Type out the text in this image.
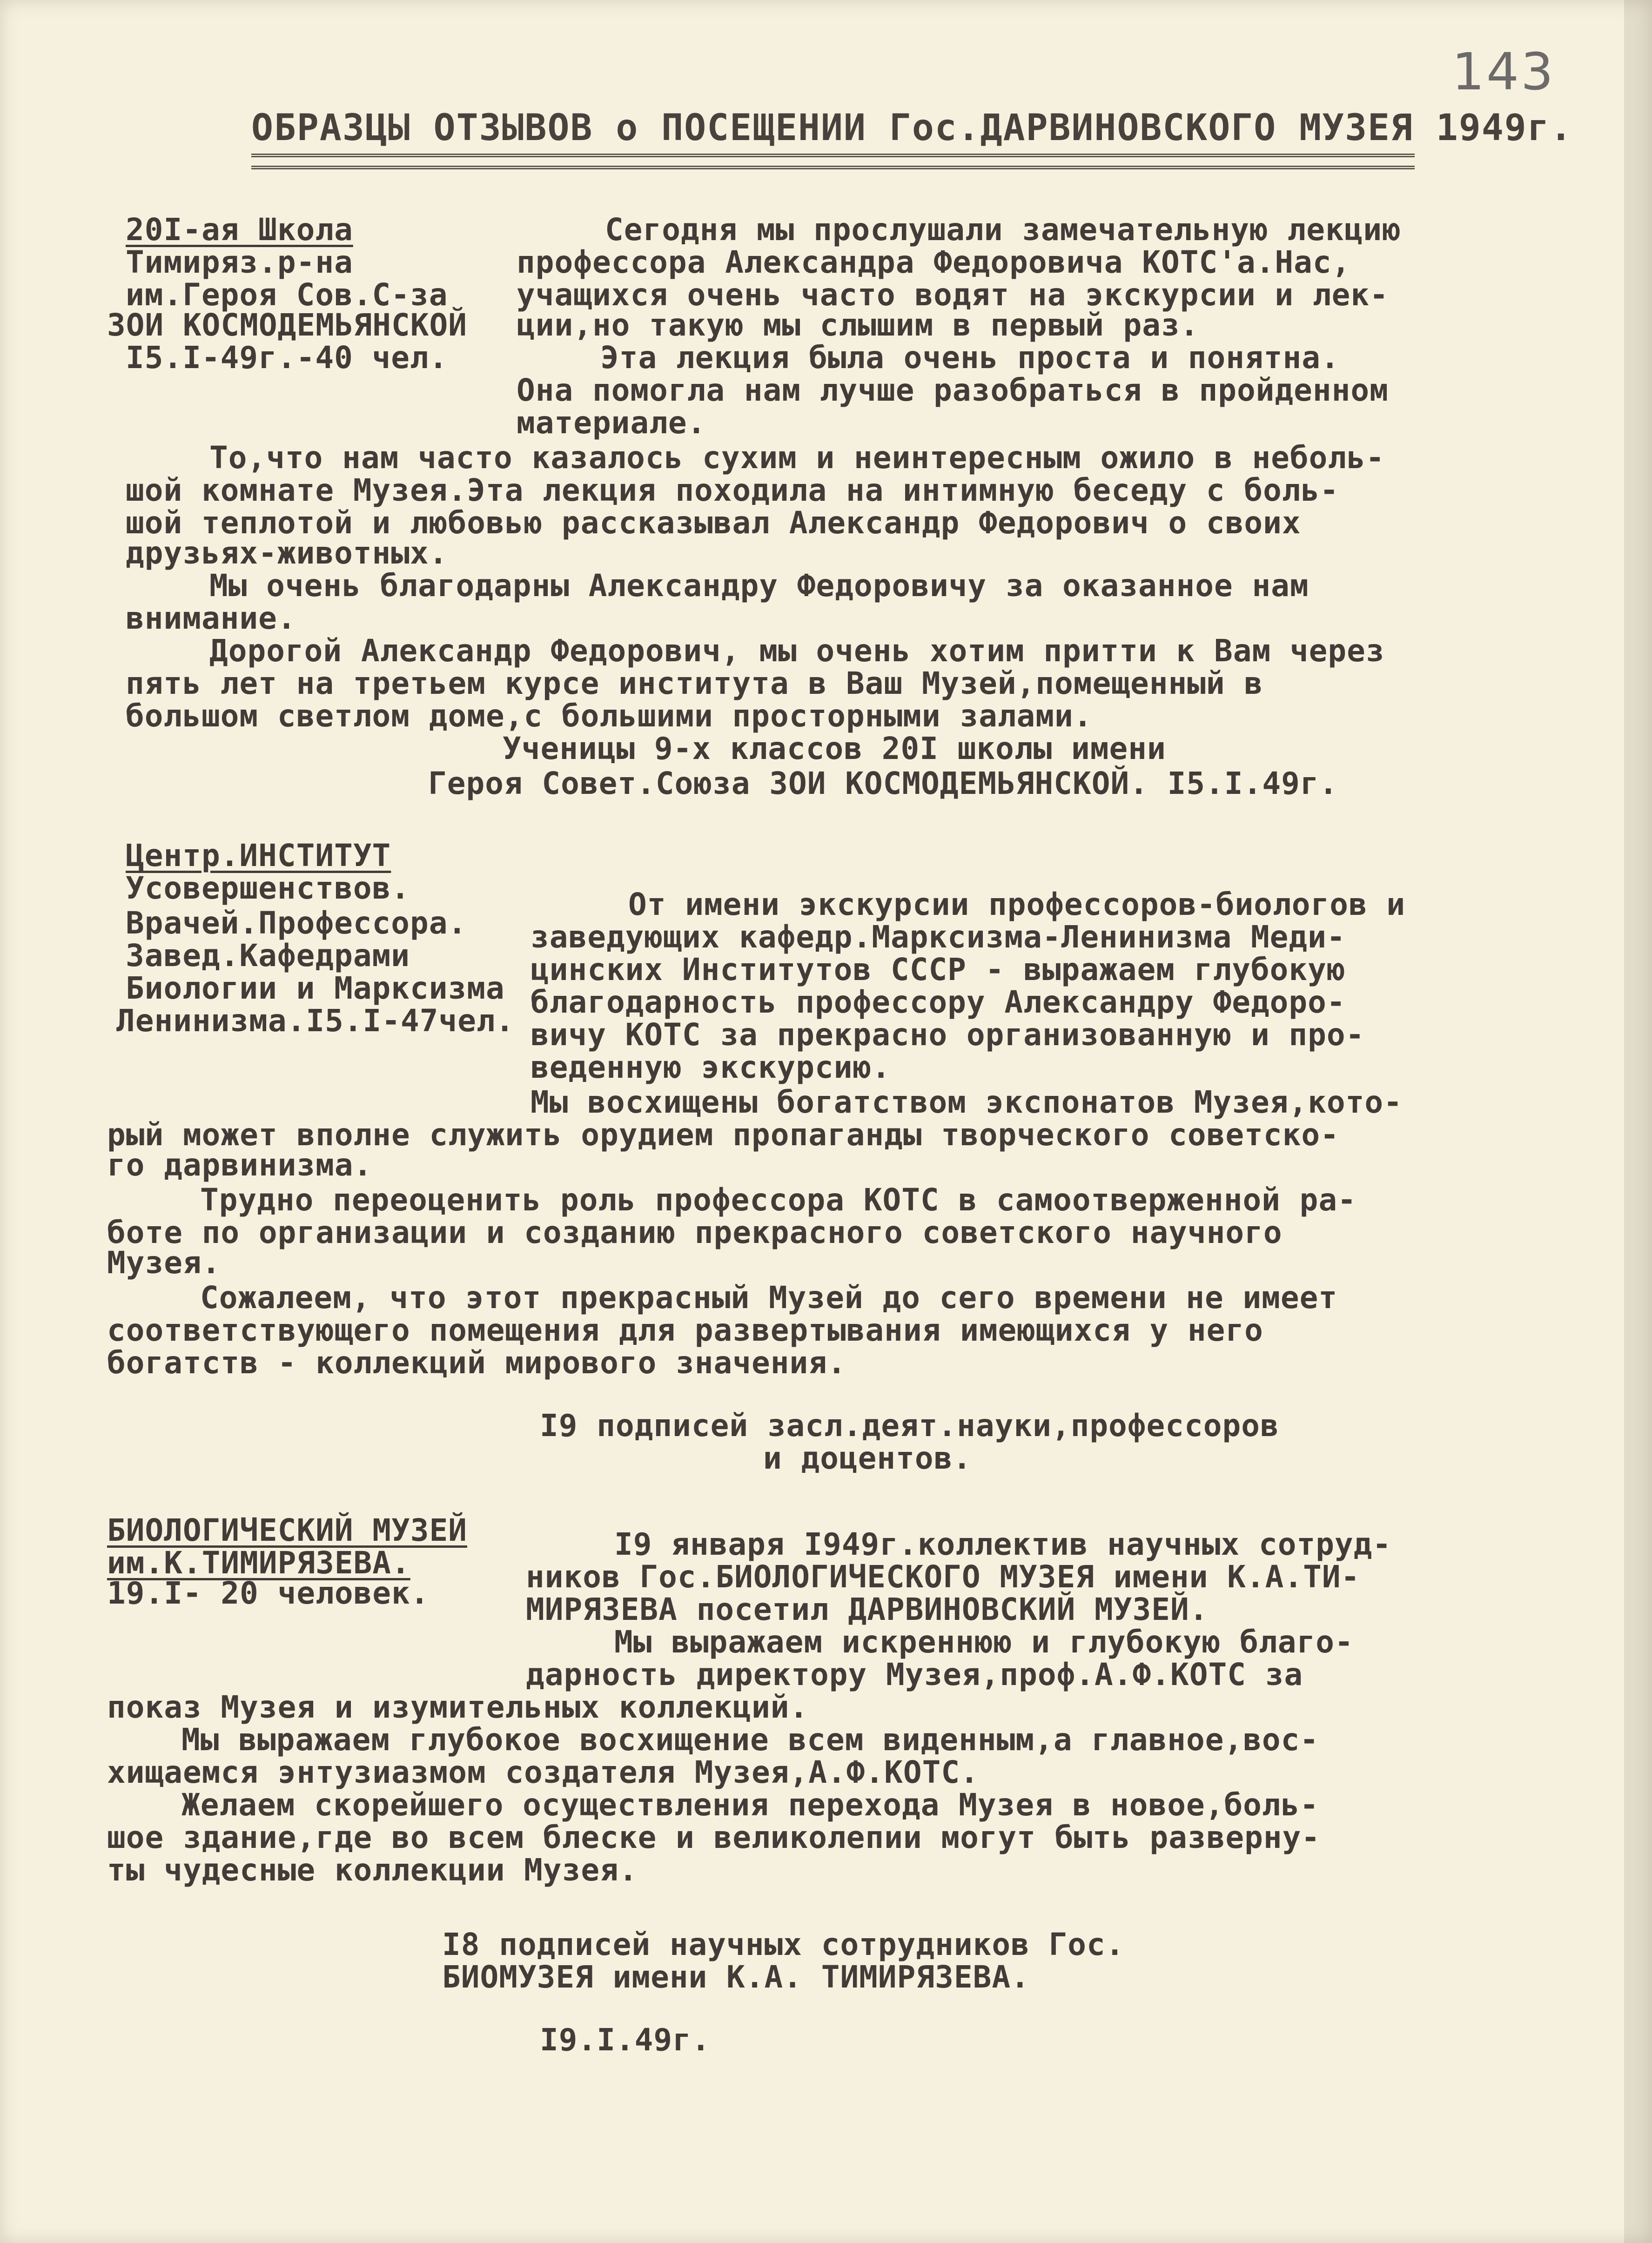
143
ОБРАЗЦЫ ОТЗЫВОВ о ПОСЕЩЕНИИ Гос.ДАРВИНОВСКОГО МУЗЕЯ 1949г.
20I-ая Школа
Тимиряз.р-на
им.Героя Сов.С-за
ЗОИ КОСМОДЕМЬЯНСКОЙ
I5.I-49г.-40 чел.
Сегодня мы прослушали замечательную лекцию
профессора Александра Федоровича КОТС'а.Нас,
учащихся очень часто водят на экскурсии и лек-
ции,но такую мы слышим в первый раз.
Эта лекция была очень проста и понятна.
Она помогла нам лучше разобраться в пройденном
материале.
То,что нам часто казалось сухим и неинтересным ожило в неболь-
шой комнате Музея.Эта лекция походила на интимную беседу с боль-
шой теплотой и любовью рассказывал Александр Федорович о своих
друзьях-животных.
Мы очень благодарны Александру Федоровичу за оказанное нам
внимание.
Дорогой Александр Федорович, мы очень хотим притти к Вам через
пять лет на третьем курсе института в Ваш Музей,помещенный в
большом светлом доме,с большими просторными залами.
Ученицы 9-х классов 20I школы имени
Героя Совет.Союза ЗОИ КОСМОДЕМЬЯНСКОЙ. I5.I.49г.
Центр.ИНСТИТУТ
Усовершенствов.
Врачей.Профессора.
Завед.Кафедрами
Биологии и Марксизма
Ленинизма.I5.I-47чел.
От имени экскурсии профессоров-биологов и
заведующих кафедр.Марксизма-Ленинизма Меди-
цинских Институтов СССР - выражаем глубокую
благодарность профессору Александру Федоро-
вичу КОТС за прекрасно организованную и про-
веденную экскурсию.
Мы восхищены богатством экспонатов Музея,кото-
рый может вполне служить орудием пропаганды творческого советско-
го дарвинизма.
Трудно переоценить роль профессора КОТС в самоотверженной ра-
боте по организации и созданию прекрасного советского научного
Музея.
Сожалеем, что этот прекрасный Музей до сего времени не имеет
соответствующего помещения для развертывания имеющихся у него
богатств - коллекций мирового значения.
I9 подписей засл.деят.науки,профессоров
и доцентов.
БИОЛОГИЧЕСКИЙ МУЗЕЙ
им.К.ТИМИРЯЗЕВА.
19.I- 20 человек.
I9 января I949г.коллектив научных сотруд-
ников Гос.БИОЛОГИЧЕСКОГО МУЗЕЯ имени К.А.ТИ-
МИРЯЗЕВА посетил ДАРВИНОВСКИЙ МУЗЕЙ.
Мы выражаем искреннюю и глубокую благо-
дарность директору Музея,проф.А.Ф.КОТС за
показ Музея и изумительных коллекций.
Мы выражаем глубокое восхищение всем виденным,а главное,вос-
хищаемся энтузиазмом создателя Музея,А.Ф.КОТС.
Желаем скорейшего осуществления перехода Музея в новое,боль-
шое здание,где во всем блеске и великолепии могут быть разверну-
ты чудесные коллекции Музея.
I8 подписей научных сотрудников Гос.
БИОМУЗЕЯ имени К.А. ТИМИРЯЗЕВА.
I9.I.49г.
